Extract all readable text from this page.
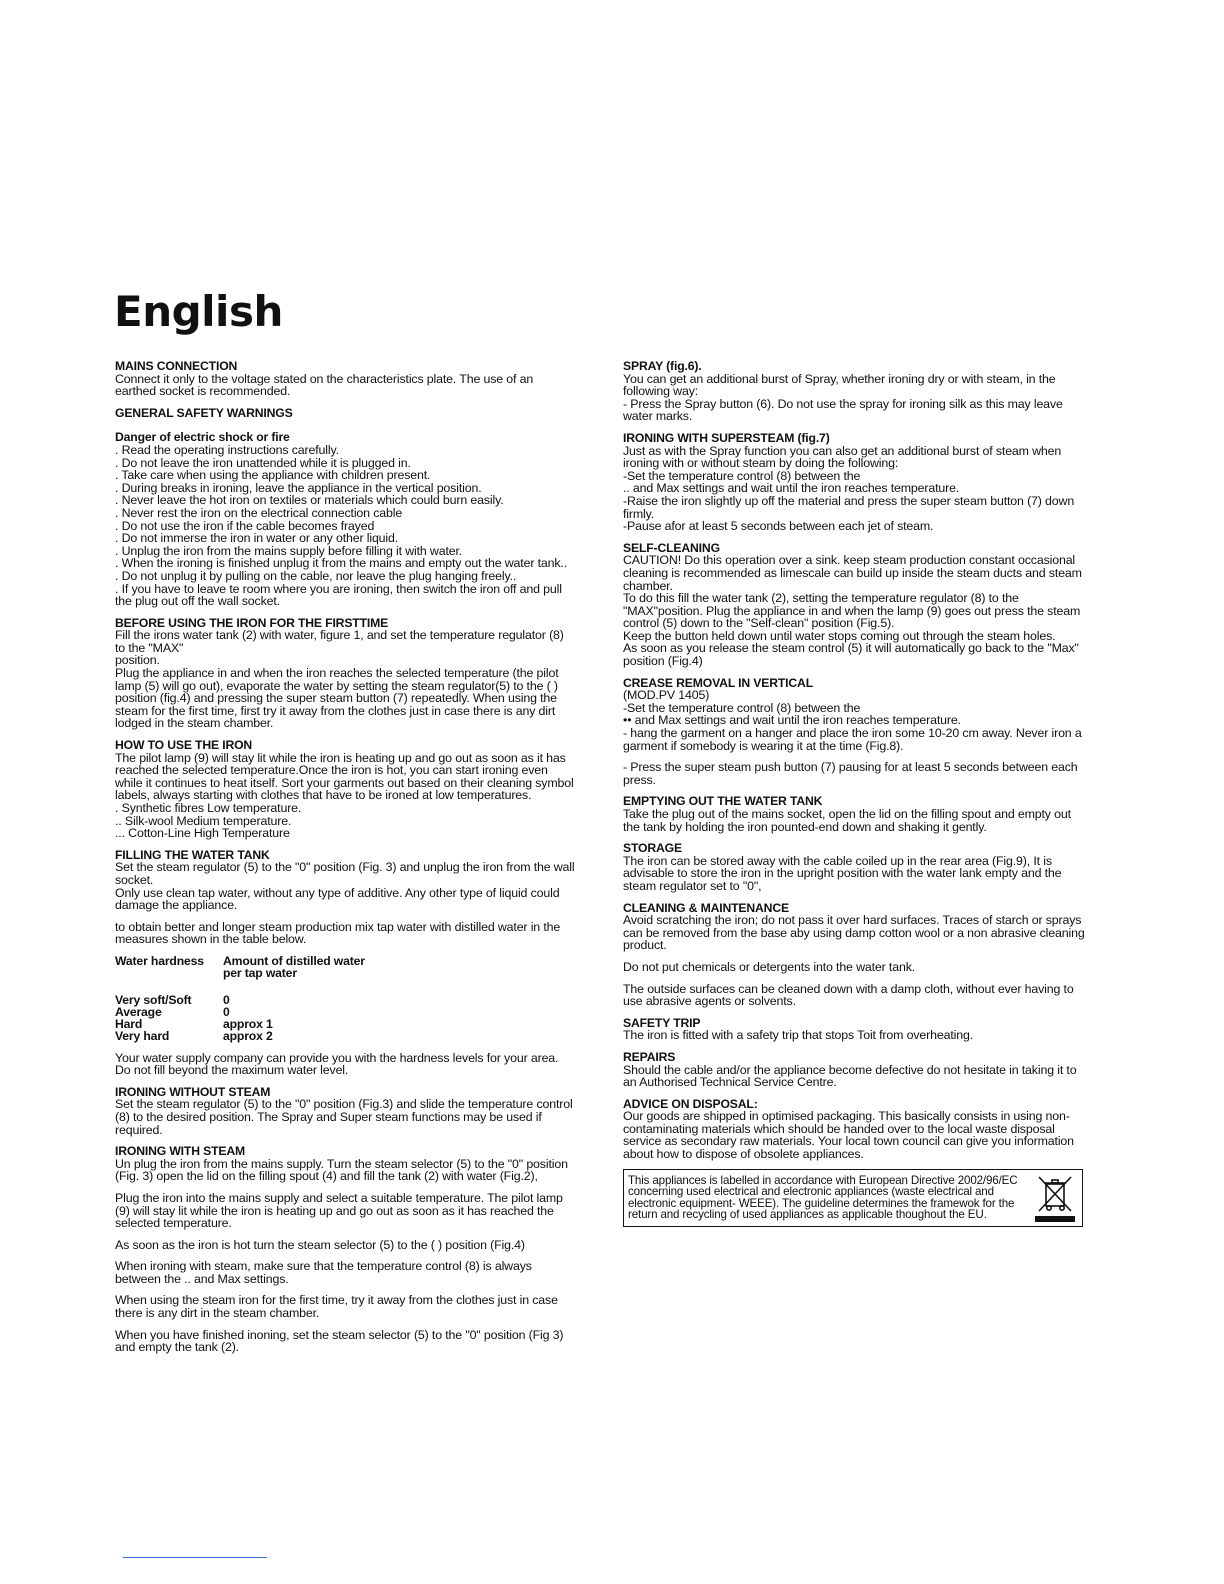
English
MAINS CONNECTION

Connect it only to the voltage stated on the characteristics plate. The use of an earthed socket is recommended.

GENERAL SAFETY WARNINGS
Danger of electric shock or fire

. Read the operating instructions carefully.

. Do not leave the iron unattended while it is plugged in.

. Take care when using the appliance with children present.

. During breaks in ironing, leave the appliance in the vertical position.

. Never leave the hot iron on textiles or materials which could burn easily.

. Never rest the iron on the electrical connection cable

. Do not use the iron if the cable becomes frayed

. Do not immerse the iron in water or any other liquid.

. Unplug the iron from the mains supply before filling it with water.

. When the ironing is finished unplug it from the mains and empty out the water tank..

. Do not unplug it by pulling on the cable, nor leave the plug hanging freely..

. If you have to leave te room where you are ironing, then switch the iron off and pull the plug out off the wall socket.

BEFORE USING THE IRON FOR THE FIRSTTIME

Fill the irons water tank (2) with water, figure 1, and set the temperature regulator (8) to the "MAX"

position.

Plug the appliance in and when the iron reaches the selected temperature (the pilot lamp (5) will go out), evaporate the water by setting the steam regulator(5) to the ( ) position (fig.4) and pressing the super steam button (7) repeatedly. When using the steam for the first time, first try it away from the clothes just in case there is any dirt lodged in the steam chamber.

HOW TO USE THE IRON

The pilot lamp (9) will stay lit while the iron is heating up and go out as soon as it has reached the selected temperature.Once the iron is hot, you can start ironing even while it continues to heat itself. Sort your garments out based on their cleaning symbol labels, always starting with clothes that have to be ironed at low temperatures.

. Synthetic fibres Low temperature.

.. Silk-wool Medium temperature.

... Cotton-Line High Temperature

FILLING THE WATER TANK

Set the steam regulator (5) to the "0" position (Fig. 3) and unplug the iron from the wall socket.

Only use clean tap water, without any type of additive. Any other type of liquid could damage the appliance.

to obtain better and longer steam production mix tap water with distilled water in the measures shown in the table below.

Water hardness	Amount of distilled water
per tap water

Very soft/Soft	0
Average	0
Hard	approx 1
Very hard	approx 2

Your water supply company can provide you with the hardness levels for your area. Do not fill beyond the maximum water level.

IRONING WITHOUT STEAM

Set the steam regulator (5) to the "0" position (Fig.3) and slide the temperature control (8) to the desired position. The Spray and Super steam functions may be used if required.

IRONING WITH STEAM

Un plug the iron from the mains supply. Turn the steam selector (5) to the "0" position (Fig. 3) open the lid on the filling spout (4) and fill the tank (2) with water (Fig.2),

Plug the iron into the mains supply and select a suitable temperature. The pilot lamp (9) will stay lit while the iron is heating up and go out as soon as it has reached the selected temperature.

As soon as the iron is hot turn the steam selector (5) to the ( ) position (Fig.4)

When ironing with steam, make sure that the temperature control (8) is always between the .. and Max settings.

When using the steam iron for the first time, try it away from the clothes just in case there is any dirt in the steam chamber.

When you have finished inoning, set the steam selector (5) to the "0" position (Fig 3) and empty the tank (2).

SPRAY (fig.6).

You can get an additional burst of Spray, whether ironing dry or with steam, in the following way:

- Press the Spray button (6). Do not use the spray for ironing silk as this may leave water marks.

IRONING WITH SUPERSTEAM (fig.7)

Just as with the Spray function you can also get an additional burst of steam when ironing with or without steam by doing the following:

-Set the temperature control (8) between the

.. and Max settings and wait until the iron reaches temperature.

-Raise the iron slightly up off the material and press the super steam button (7) down firmly.

-Pause afor at least 5 seconds between each jet of steam.

SELF-CLEANING

CAUTION! Do this operation over a sink. keep steam production constant occasional cleaning is recommended as limescale can build up inside the steam ducts and steam chamber.

To do this fill the water tank (2), setting the temperature regulator (8) to the "MAX"position. Plug the appliance in and when the lamp (9) goes out press the steam control (5) down to the "Self-clean" position (Fig.5).

Keep the button held down until water stops coming out through the steam holes.

As soon as you release the steam control (5) it will automatically go back to the "Max" position (Fig.4)

CREASE REMOVAL IN VERTICAL

(MOD.PV 1405)

-Set the temperature control (8) between the

•• and Max settings and wait until the iron reaches temperature.

- hang the garment on a hanger and place the iron some 10-20 cm away. Never iron a garment if somebody is wearing it at the time (Fig.8).

- Press the super steam push button (7) pausing for at least 5 seconds between each press.

EMPTYING OUT THE WATER TANK

Take the plug out of the mains socket, open the lid on the filling spout and empty out the tank by holding the iron pounted-end down and shaking it gently.

STORAGE

The iron can be stored away with the cable coiled up in the rear area (Fig.9), It is advisable to store the iron in the upright position with the water lank empty and the steam regulator set to "0",

CLEANING & MAINTENANCE

Avoid scratching the iron; do not pass it over hard surfaces. Traces of starch or sprays can be removed from the base aby using damp cotton wool or a non abrasive cleaning product.

Do not put chemicals or detergents into the water tank.

The outside surfaces can be cleaned down with a damp cloth, without ever having to use abrasive agents or solvents.

SAFETY TRIP

The iron is fitted with a safety trip that stops Toit from overheating.

REPAIRS

Should the cable and/or the appliance become defective do not hesitate in taking it to an Authorised Technical Service Centre.

ADVICE ON DISPOSAL:

Our goods are shipped in optimised packaging. This basically consists in using non-contaminating materials which should be handed over to the local waste disposal service as secondary raw materials. Your local town council can give you information about how to dispose of obsolete appliances.

This appliances is labelled in accordance with European Directive 2002/96/EC concerning used electrical and electronic appliances (waste electrical and electronic equipment- WEEE). The guideline determines the framewok for the return and recycling of used appliances as applicable thoughout the EU.
